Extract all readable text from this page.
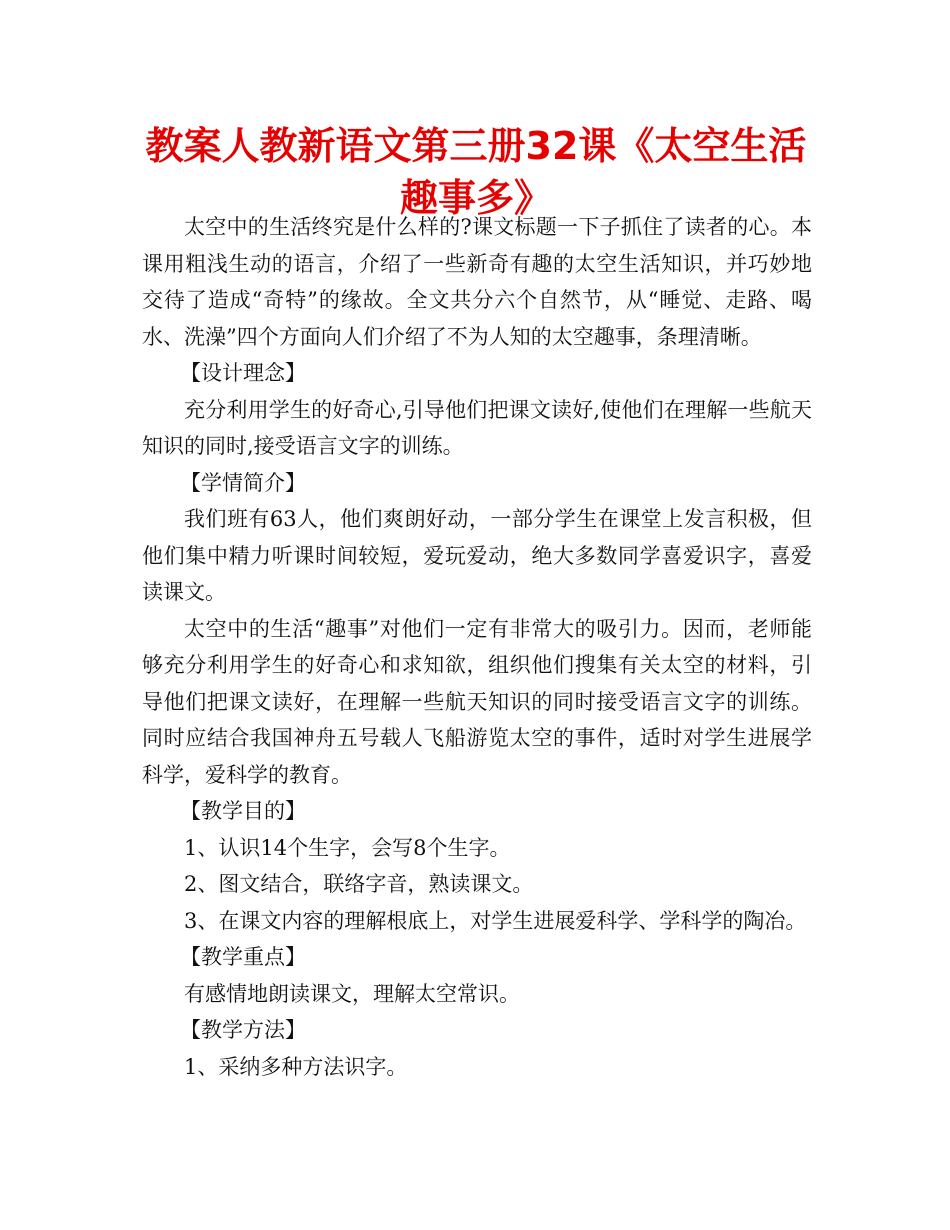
教案人教新语文第三册32课《太空生活趣事多》

太空中的生活终究是什么样的?课文标题一下子抓住了读者的心。本课用粗浅生动的语言，介绍了一些新奇有趣的太空生活知识，并巧妙地交待了造成“奇特”的缘故。全文共分六个自然节，从“睡觉、走路、喝水、洗澡”四个方面向人们介绍了不为人知的太空趣事，条理清晰。

【设计理念】

充分利用学生的好奇心,引导他们把课文读好,使他们在理解一些航天知识的同时,接受语言文字的训练。

【学情简介】

我们班有63人，他们爽朗好动，一部分学生在课堂上发言积极，但他们集中精力听课时间较短，爱玩爱动，绝大多数同学喜爱识字，喜爱读课文。

太空中的生活“趣事”对他们一定有非常大的吸引力。因而，老师能够充分利用学生的好奇心和求知欲，组织他们搜集有关太空的材料，引导他们把课文读好，在理解一些航天知识的同时接受语言文字的训练。同时应结合我国神舟五号载人飞船游览太空的事件，适时对学生进展学科学，爱科学的教育。

【教学目的】

1、认识14个生字，会写8个生字。

2、图文结合，联络字音，熟读课文。

3、在课文内容的理解根底上，对学生进展爱科学、学科学的陶冶。

【教学重点】

有感情地朗读课文，理解太空常识。

【教学方法】

1、采纳多种方法识字。
